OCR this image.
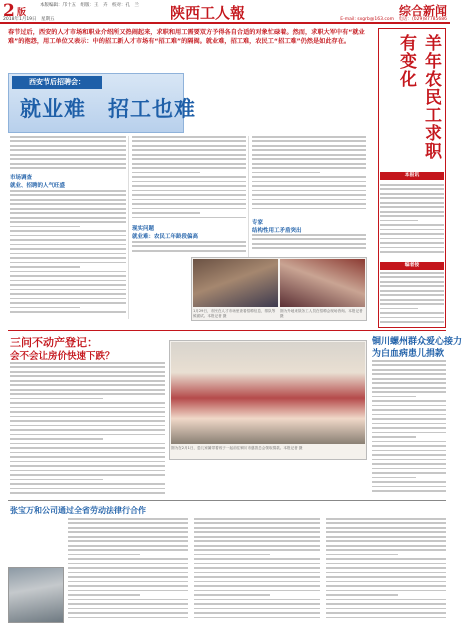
2 版
本版编辑：邝十五　组版：王　卉　校对：孔　兰
2018年1月19日　星期五	陕西工人報	综合新闻
E-mail: sxgrb@163.com　电话：(029)87785686
春节过后，西安的人才市场和职业介绍所又热闹起来，求职和用工需要双方予得各自合适的对象忙碌着。然而，求职大军中有“就业难”的抱怨，用工单位又表示：中的招工新人才市场有“招工难”的隔阂。就业难，招工难，农民工“招工难”仍然是如此存在。	羊年农民工求职有变化
本报讯
编者按
西安节后招聘会：
就业难　招工也难
市场调查
就业、招聘的人气旺盛
现实问题
就业难：农民工年龄段偏高
专家
结构性用工矛盾突出
1月29日，市民在人才市场里查看招聘信息，排队等候面试。本报记者 摄
图为外地来陕务工人员在招聘会现场咨询。本报记者 摄
三问不动产登记：
会不会让房价快速下跌？
铜川螺州群众爱心接力
为白血病患儿捐款
图为在2月1日，患儿家属带着孩子一起前往铜川市慈善总会领取捐款。本报记者 摄
张宝万和公司通过全省劳动法律行合作
